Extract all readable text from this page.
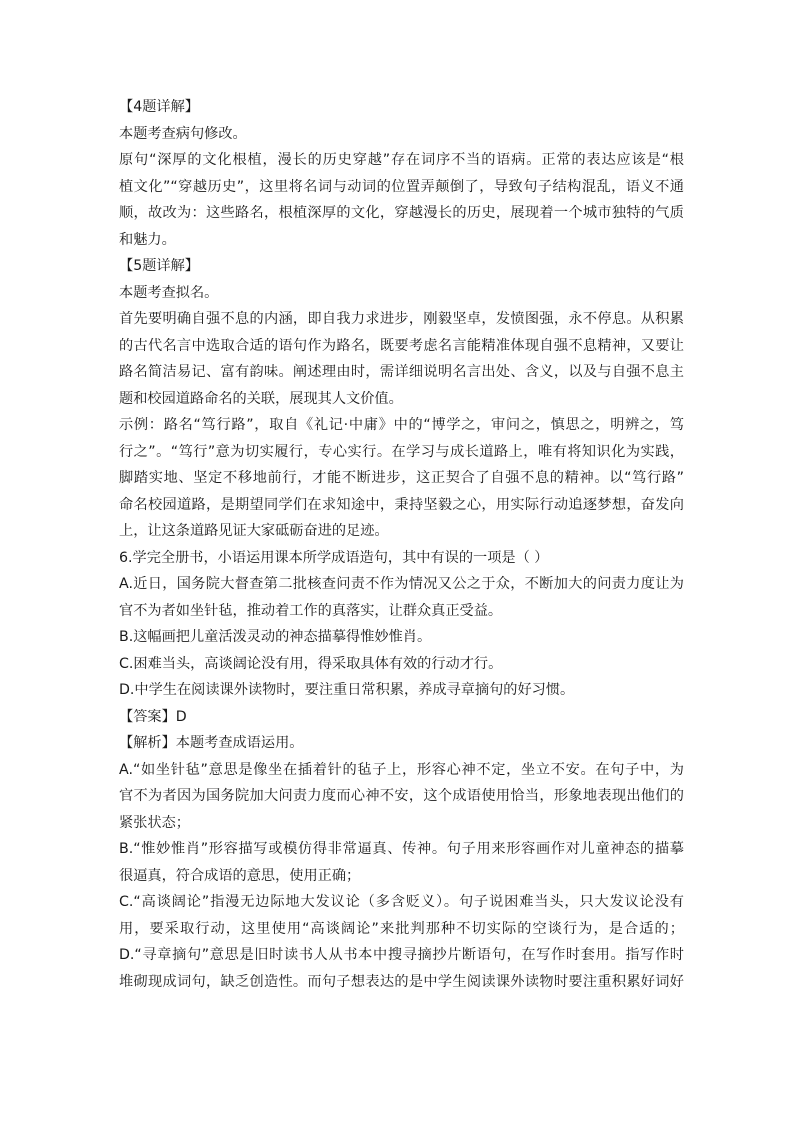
【4题详解】
本题考查病句修改。
原句“深厚的文化根植，漫长的历史穿越”存在词序不当的语病。正常的表达应该是“根
植文化”“穿越历史”，这里将名词与动词的位置弄颠倒了，导致句子结构混乱，语义不通
顺，故改为：这些路名，根植深厚的文化，穿越漫长的历史，展现着一个城市独特的气质
和魅力。
【5题详解】
本题考查拟名。
首先要明确自强不息的内涵，即自我力求进步，刚毅坚卓，发愤图强，永不停息。从积累
的古代名言中选取合适的语句作为路名，既要考虑名言能精准体现自强不息精神，又要让
路名简洁易记、富有韵味。阐述理由时，需详细说明名言出处、含义，以及与自强不息主
题和校园道路命名的关联，展现其人文价值。
示例：路名“笃行路”，取自《礼记·中庸》中的“博学之，审问之，慎思之，明辨之，笃
行之”。“笃行”意为切实履行，专心实行。在学习与成长道路上，唯有将知识化为实践，
脚踏实地、坚定不移地前行，才能不断进步，这正契合了自强不息的精神。以“笃行路”
命名校园道路，是期望同学们在求知途中，秉持坚毅之心，用实际行动追逐梦想，奋发向
上，让这条道路见证大家砥砺奋进的足迹。
6.学完全册书，小语运用课本所学成语造句，其中有误的一项是（ ）
A.近日，国务院大督查第二批核查问责不作为情况又公之于众，不断加大的问责力度让为
官不为者如坐针毡，推动着工作的真落实，让群众真正受益。
B.这幅画把儿童活泼灵动的神态描摹得惟妙惟肖。
C.困难当头，高谈阔论没有用，得采取具体有效的行动才行。
D.中学生在阅读课外读物时，要注重日常积累，养成寻章摘句的好习惯。
【答案】D
【解析】本题考查成语运用。
A.“如坐针毡”意思是像坐在插着针的毡子上，形容心神不定，坐立不安。在句子中，为
官不为者因为国务院加大问责力度而心神不安，这个成语使用恰当，形象地表现出他们的
紧张状态；
B.“惟妙惟肖”形容描写或模仿得非常逼真、传神。句子用来形容画作对儿童神态的描摹
很逼真，符合成语的意思，使用正确；
C.“高谈阔论”指漫无边际地大发议论（多含贬义）。句子说困难当头，只大发议论没有
用，要采取行动，这里使用“高谈阔论”来批判那种不切实际的空谈行为，是合适的；
D.“寻章摘句”意思是旧时读书人从书本中搜寻摘抄片断语句，在写作时套用。指写作时
堆砌现成词句，缺乏创造性。而句子想表达的是中学生阅读课外读物时要注重积累好词好
